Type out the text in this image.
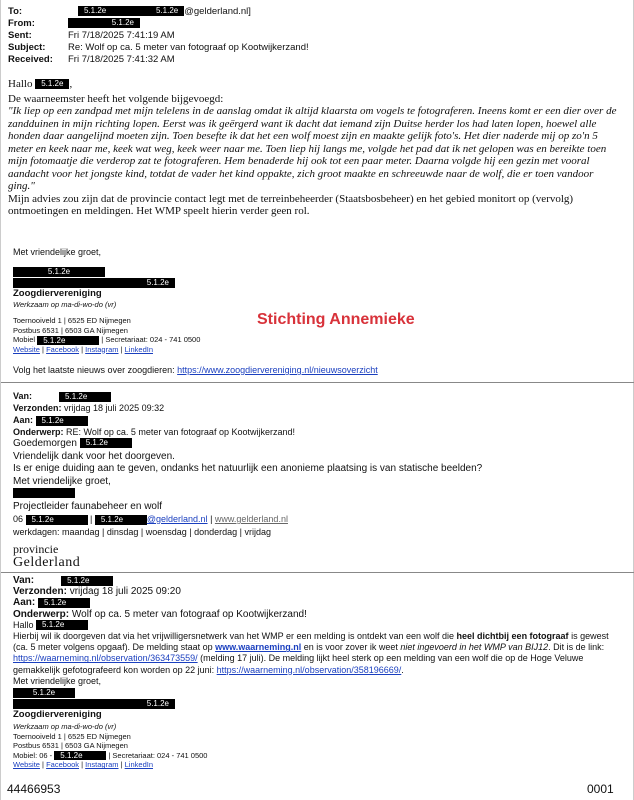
To:	5.1.2e	5.1.2e @gelderland.nl]
From:	5.1.2e
Sent:	Fri 7/18/2025 7:41:19 AM
Subject:	Re: Wolf op ca. 5 meter van fotograaf op Kootwijkerzand!
Received:	Fri 7/18/2025 7:41:32 AM

Hallo 5.1.2e ,

De waarneemster heeft het volgende bijgevoegd:

"Ik liep op een zandpad met mijn telelens in de aanslag omdat ik altijd klaarsta om vogels te fotograferen. Ineens komt er een dier over de zandduinen in mijn richting lopen. Eerst was ik geërgerd want ik dacht dat iemand zijn Duitse herder los had laten lopen, hoewel alle honden daar aangelijnd moeten zijn. Toen besefte ik dat het een wolf moest zijn en maakte gelijk foto's. Het dier naderde mij op zo'n 5 meter en keek naar me, keek wat weg, keek weer naar me. Toen liep hij langs me, volgde het pad dat ik net gelopen was en bereikte toen mijn fotomaatje die verderop zat te fotograferen. Hem benaderde hij ook tot een paar meter. Daarna volgde hij een gezin met vooral aandacht voor het jongste kind, totdat de vader het kind oppakte, zich groot maakte en schreeuwde naar de wolf, die er toen vandoor ging."

Mijn advies zou zijn dat de provincie contact legt met de terreinbeheerder (Staatsbosbeheer) en het gebied monitort op (vervolg) ontmoetingen en meldingen. Het WMP speelt hierin verder geen rol.

Met vriendelijke groet,
5.1.2e
5.1.2e
Zoogdiervereniging
Werkzaam op ma-di-wo-do (vr)
Toernooiveld 1 | 6525 ED Nijmegen
Postbus 6531 | 6503 GA Nijmegen
Mobiel 5.1.2e	| Secretariaat: 024 - 741 0500
Website | Facebook | Instagram | LinkedIn
Stichting Annemieke
Volg het laatste nieuws over zoogdieren: https://www.zoogdiervereniging.nl/nieuwsoverzicht
Van:	5.1.2e
Verzonden: vrijdag 18 juli 2025 09:32
Aan: 5.1.2e
Onderwerp: RE: Wolf op ca. 5 meter van fotograaf op Kootwijkerzand!
Goedemorgen 5.1.2e
Vriendelijk dank voor het doorgeven.
Is er enige duiding aan te geven, ondanks het natuurlijk een anonieme plaatsing is van statische beelden?
Met vriendelijke groet,
5.1.2e
Projectleider faunabeheer en wolf
06 5.1.2e	| 5.1.2e	@gelderland.nl | www.gelderland.nl
werkdagen: maandag | dinsdag | woensdag | donderdag | vrijdag
provincie
Gelderland
Van:	5.1.2e
Verzonden: vrijdag 18 juli 2025 09:20
Aan: 5.1.2e
Onderwerp: Wolf op ca. 5 meter van fotograaf op Kootwijkerzand!
Hallo 5.1.2e
Hierbij wil ik doorgeven dat via het vrijwilligersnetwerk van het WMP er een melding is ontdekt van een wolf die heel dichtbij een fotograaf is gewest (ca. 5 meter volgens opgaaf). De melding staat op www.waarneming.nl en is voor zover ik weet niet ingevoerd in het WMP van BIJ12. Dit is de link: https://waarneming.nl/observation/363473559/ (melding 17 juli). De melding lijkt heel sterk op een melding van een wolf die op de Hoge Veluwe gemakkelijk gefotografeerd kon worden op 22 juni: https://waarneming.nl/observation/358196669/.
Met vriendelijke groet,
5.1.2e
5.1.2e
Zoogdiervereniging
Werkzaam op ma-di-wo-do (vr)
Toernooiveld 1 | 6525 ED Nijmegen
Postbus 6531 | 6503 GA Nijmegen
Mobiel: 06 - 5.1.2e	| Secretariaat: 024 - 741 0500
Website | Facebook | Instagram | LinkedIn
44466953	0001
